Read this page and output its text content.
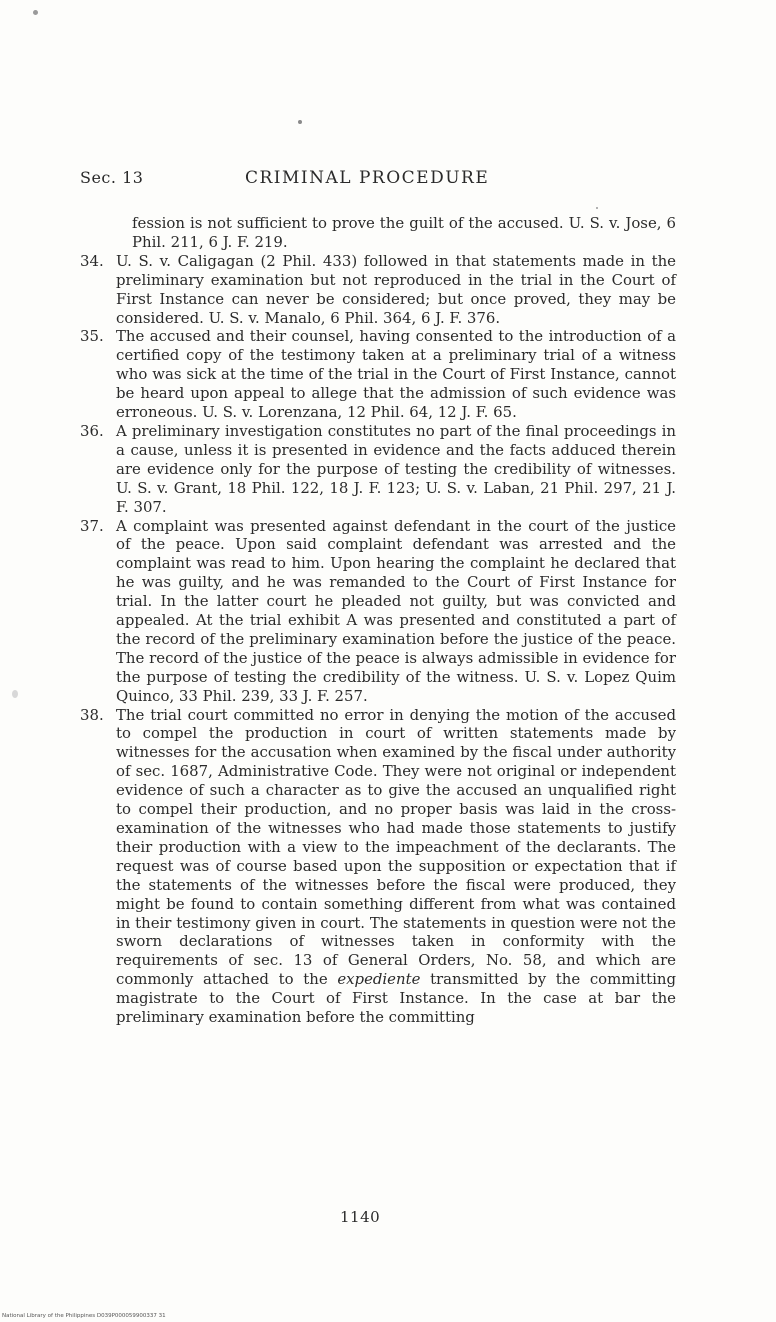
Sec. 13	CRIMINAL PROCEDURE

fession is not sufficient to prove the guilt of the accused. U. S. v. Jose, 6 Phil. 211, 6 J. F. 219.

34. U. S. v. Caligagan (2 Phil. 433) followed in that statements made in the preliminary examination but not reproduced in the trial in the Court of First Instance can never be considered; but once proved, they may be considered. U. S. v. Manalo, 6 Phil. 364, 6 J. F. 376.

35. The accused and their counsel, having consented to the introduction of a certified copy of the testimony taken at a preliminary trial of a witness who was sick at the time of the trial in the Court of First Instance, cannot be heard upon appeal to allege that the admission of such evidence was erroneous. U. S. v. Lorenzana, 12 Phil. 64, 12 J. F. 65.

36. A preliminary investigation constitutes no part of the final proceedings in a cause, unless it is presented in evidence and the facts adduced therein are evidence only for the purpose of testing the credibility of witnesses. U. S. v. Grant, 18 Phil. 122, 18 J. F. 123; U. S. v. Laban, 21 Phil. 297, 21 J. F. 307.

37. A complaint was presented against defendant in the court of the justice of the peace. Upon said complaint defendant was arrested and the complaint was read to him. Upon hearing the complaint he declared that he was guilty, and he was remanded to the Court of First Instance for trial. In the latter court he pleaded not guilty, but was convicted and appealed. At the trial exhibit A was presented and constituted a part of the record of the preliminary examination before the justice of the peace. The record of the justice of the peace is always admissible in evidence for the purpose of testing the credibility of the witness. U. S. v. Lopez Quim Quinco, 33 Phil. 239, 33 J. F. 257.

38. The trial court committed no error in denying the motion of the accused to compel the production in court of written statements made by witnesses for the accusation when examined by the fiscal under authority of sec. 1687, Administrative Code. They were not original or independent evidence of such a character as to give the accused an unqualified right to compel their production, and no proper basis was laid in the cross-examination of the witnesses who had made those statements to justify their production with a view to the impeachment of the declarants. The request was of course based upon the supposition or expectation that if the statements of the witnesses before the fiscal were produced, they might be found to contain something different from what was contained in their testimony given in court. The statements in question were not the sworn declarations of witnesses taken in conformity with the requirements of sec. 13 of General Orders, No. 58, and which are commonly attached to the expediente transmitted by the committing magistrate to the Court of First Instance. In the case at bar the preliminary examination before the committing

1140
National Library of the Philippines D039P000059900337 31
